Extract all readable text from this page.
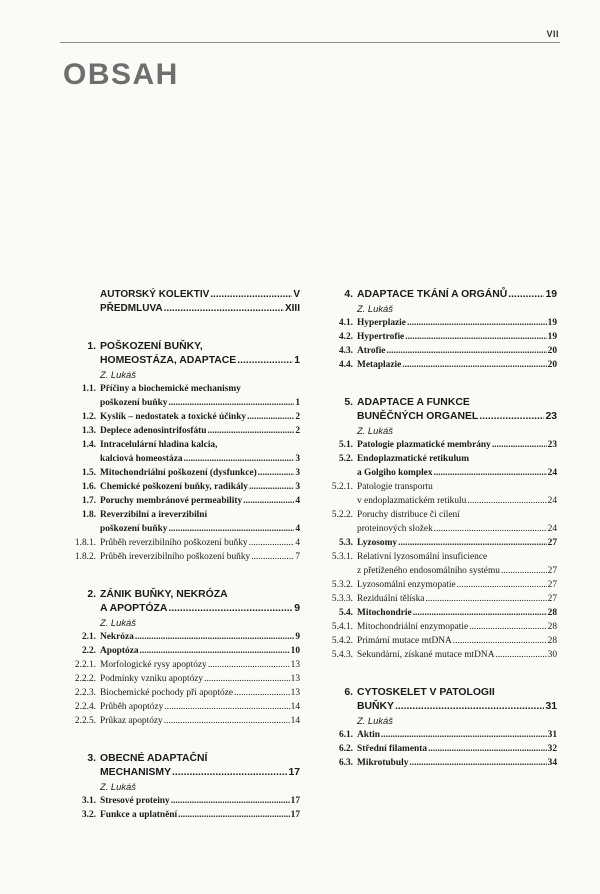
VII
OBSAH
AUTORSKÝ KOLEKTIV .....	V
PŘEDMLUVA .....	XIII
1. POŠKOZENÍ BUŇKY,
HOMEOSTÁZA, ADAPTACE .....	1
Z. Lukáš
1.1. Příčiny a biochemické mechanismy
poškození buňky .....	1
1.2. Kyslík – nedostatek a toxické účinky .....	2
1.3. Deplece adenosintrifosfátu .....	2
1.4. Intracelulární hladina kalcia,
kalciová homeostáza .....	3
1.5. Mitochondriální poškození (dysfunkce) .....	3
1.6. Chemické poškození buňky, radikály .....	3
1.7. Poruchy membránové permeability .....	4
1.8. Reverzibilní a ireverzibilní
poškození buňky .....	4
1.8.1. Průběh reverzibilního poškození buňky .....	4
1.8.2. Průběh ireverzibilního poškození buňky .....	7
2. ZÁNIK BUŇKY, NEKRÓZA
A APOPTÓZA .....	9
Z. Lukáš
2.1. Nekróza .....	9
2.2. Apoptóza .....	10
2.2.1. Morfologické rysy apoptózy .....	13
2.2.2. Podmínky vzniku apoptózy .....	13
2.2.3. Biochemické pochody při apoptóze .....	13
2.2.4. Průběh apoptózy .....	14
2.2.5. Průkaz apoptózy .....	14
3. OBECNÉ ADAPTAČNÍ
MECHANISMY .....	17
Z. Lukáš
3.1. Stresové proteiny .....	17
3.2. Funkce a uplatnění .....	17
4. ADAPTACE TKÁNÍ A ORGÁNŮ .....	19
Z. Lukáš
4.1. Hyperplazie .....	19
4.2. Hypertrofie .....	19
4.3. Atrofie .....	20
4.4. Metaplazie .....	20
5. ADAPTACE A FUNKCE
BUNĚČNÝCH ORGANEL .....	23
Z. Lukáš
5.1. Patologie plazmatické membrány .....	23
5.2. Endoplazmatické retikulum
a Golgiho komplex .....	24
5.2.1. Patologie transportu
v endoplazmatickém retikulu .....	24
5.2.2. Poruchy distribuce či cílení
proteinových složek .....	24
5.3. Lyzosomy .....	27
5.3.1. Relativní lyzosomální insuficience
z přetíženého endosomálního systému .....	27
5.3.2. Lyzosomální enzymopatie .....	27
5.3.3. Reziduální tělíska .....	27
5.4. Mitochondrie .....	28
5.4.1. Mitochondriální enzymopatie .....	28
5.4.2. Primární mutace mtDNA .....	28
5.4.3. Sekundární, získané mutace mtDNA .....	30
6. CYTOSKELET V PATOLOGII
BUŇKY .....	31
Z. Lukáš
6.1. Aktin .....	31
6.2. Střední filamenta .....	32
6.3. Mikrotubuly .....	34
